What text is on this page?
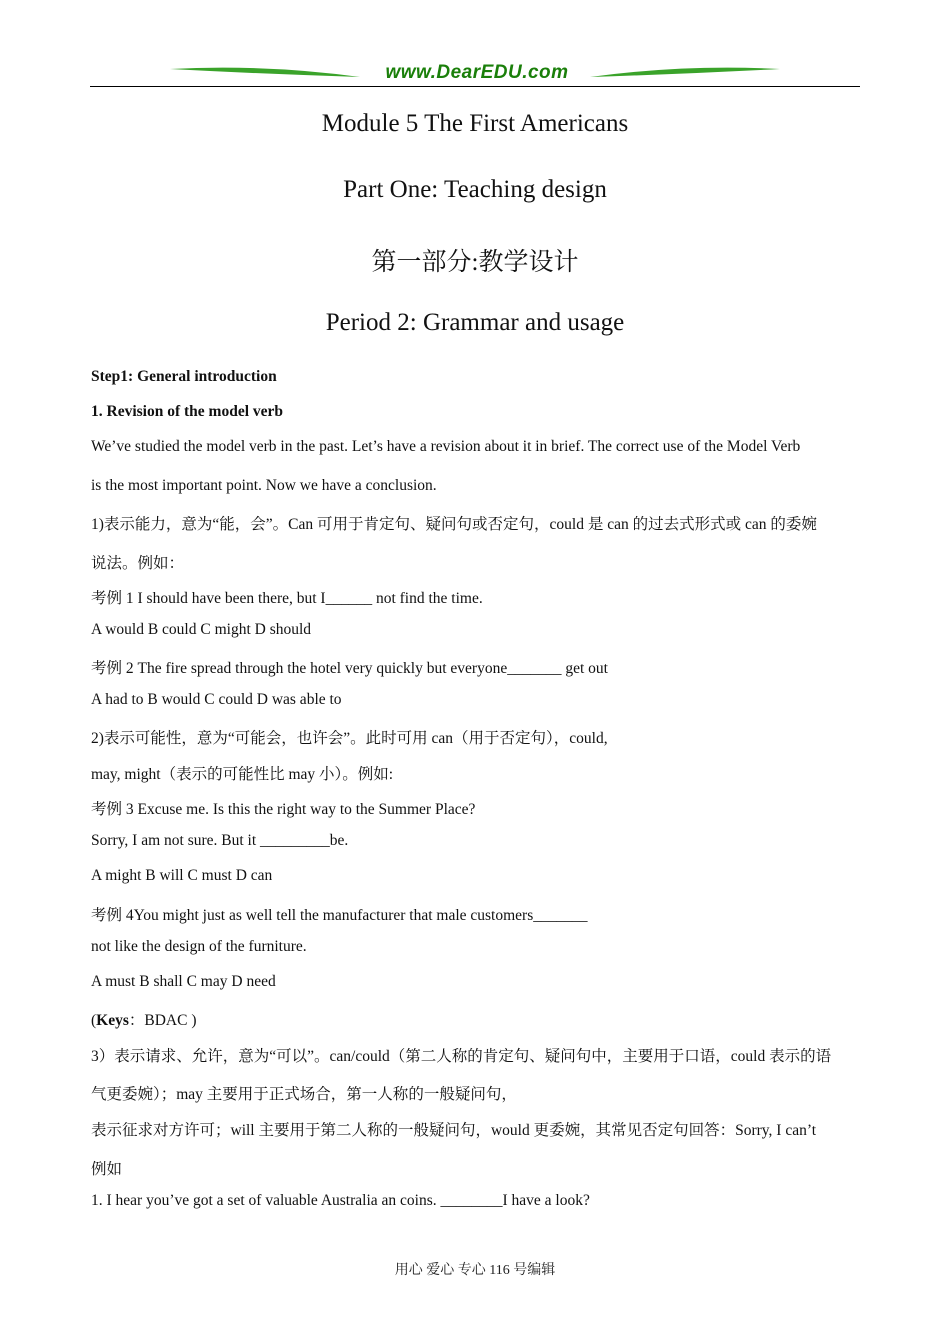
www.DearEDU.com
Module 5 The First Americans
Part One: Teaching design
第一部分:教学设计
Period 2: Grammar and usage
Step1: General introduction
1. Revision of the model verb
We’ve studied the model verb in the past. Let’s have a revision about it in brief. The correct use of the Model Verb
is the most important point. Now we have a conclusion.
1)表示能力，意为“能，会”。Can 可用于肯定句、疑问句或否定句，could 是 can 的过去式形式或 can 的委婉
说法。例如：
考例 1 I should have been there, but I______ not find the time.
A would B could C might D should
考例 2 The fire spread through the hotel very quickly but everyone_______ get out
A had to B would C could D was able to
2)表示可能性，意为“可能会，也许会”。此时可用 can（用于否定句），could,
may, might（表示的可能性比 may 小）。例如:
考例 3 Excuse me. Is this the right way to the Summer Place?
Sorry, I am not sure. But it _________be.
A might B will C must D can
考例 4You might just as well tell the manufacturer that male customers_______
not like the design of the furniture.
A must B shall C may D need
(Keys：BDAC )
3）表示请求、允许，意为“可以”。can/could（第二人称的肯定句、疑问句中，主要用于口语，could 表示的语
气更委婉）；may 主要用于正式场合，第一人称的一般疑问句，
表示征求对方许可；will 主要用于第二人称的一般疑问句，would 更委婉，其常见否定句回答：Sorry, I can’t
例如
1. I hear you’ve got a set of valuable Australia an coins. ________I have a look?
用心 爱心 专心 116 号编辑
